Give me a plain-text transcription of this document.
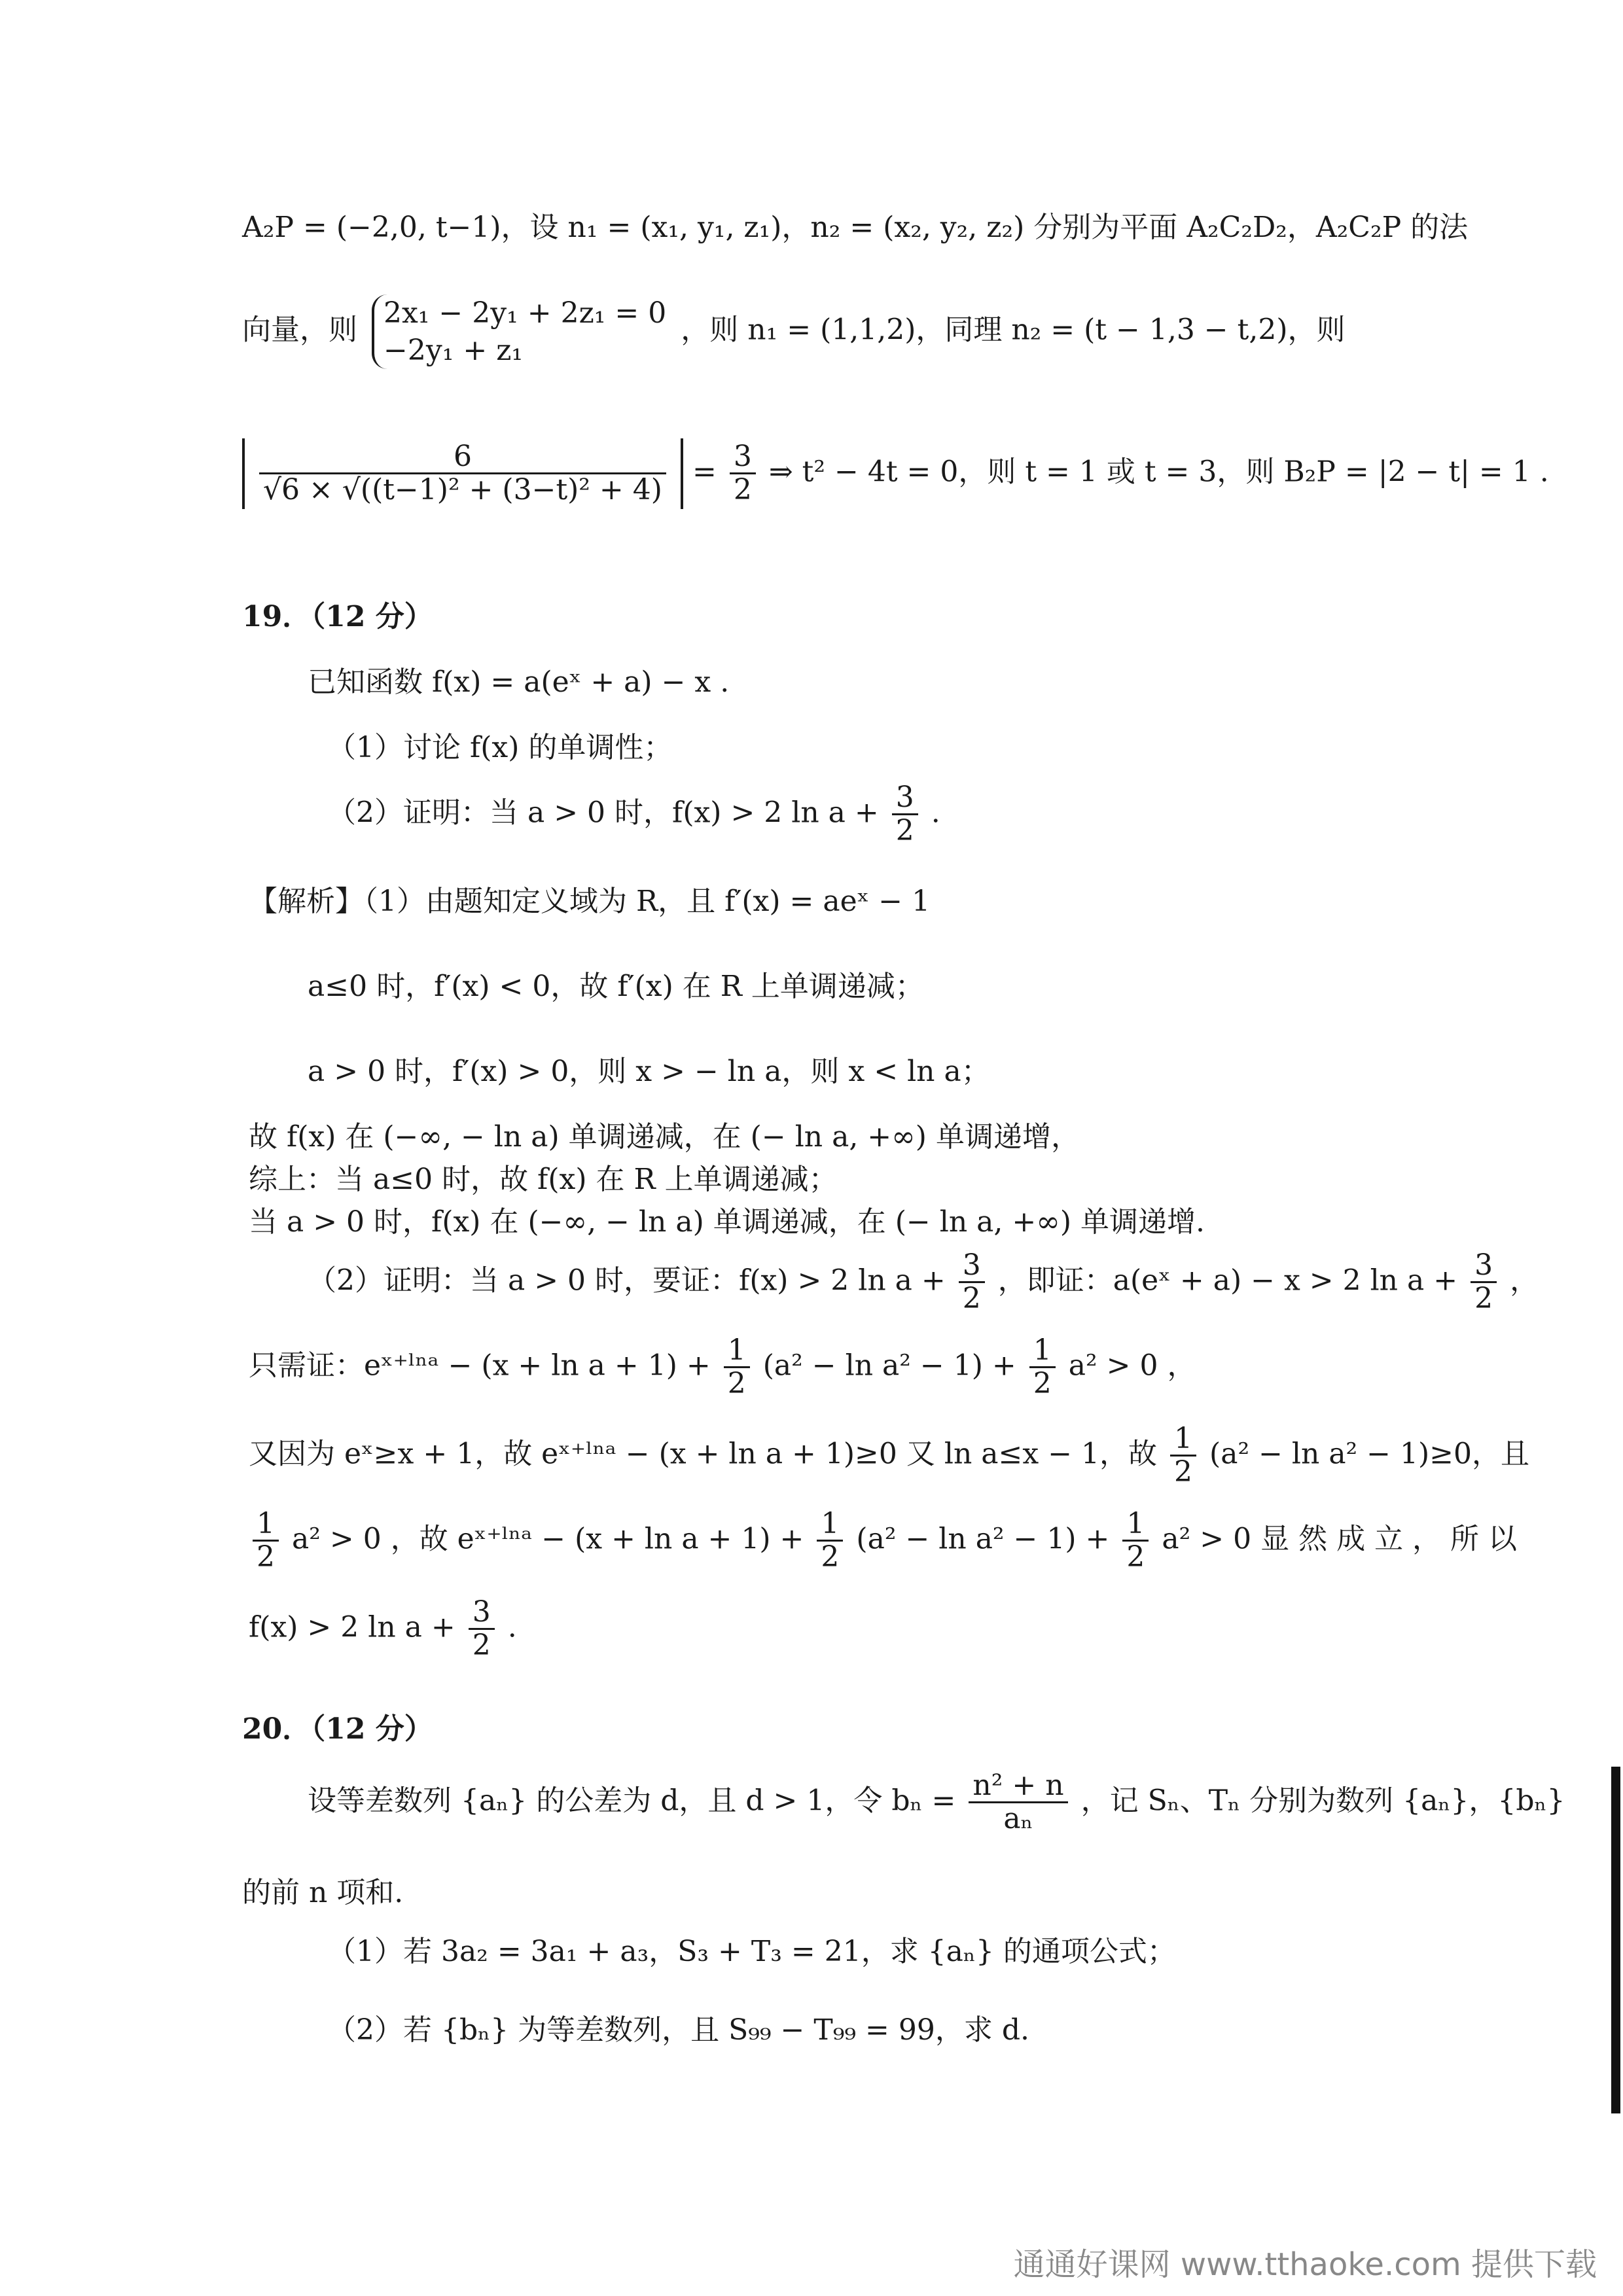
A₂P = (−2,0, t−1)，设 n₁ = (x₁, y₁, z₁)，n₂ = (x₂, y₂, z₂) 分别为平面 A₂C₂D₂，A₂C₂P 的法
向量，则
2x₁ − 2y₁ + 2z₁ = 0
−2y₁ + z₁
，则 n₁ = (1,1,2)，同理 n₂ = (t − 1,3 − t,2)，则
$\frac{6}{\text{√6 × √((t−1)² + (3−t)² + 4)}} = \frac{3}{2}$ ⇒ t² − 4t = 0，则 t = 1 或 t = 3，则 B₂P = |2 − t| = 1 .
19．（12 分）
已知函数 f(x) = a(eˣ + a) − x .
（1）讨论 f(x) 的单调性；
（2）证明：当 a > 0 时，f(x) > 2 $\ln a + \frac{3}{2}$ .
【解析】（1）由题知定义域为 R，且 f′(x) = aeˣ − 1
a≤0 时，f′(x) < 0，故 f′(x) 在 R 上单调递减；
a > 0 时，f′(x) > 0，则 x > − ln a，则 x < ln a；
故 f(x) 在 (−∞, − ln a) 单调递减，在 (− ln a, +∞) 单调递增，
综上：当 a≤0 时，故 f(x) 在 R 上单调递减；
当 a > 0 时，f(x) 在 (−∞, − ln a) 单调递减，在 (− ln a, +∞) 单调递增.
（2）证明：当 a > 0 时，要证：f(x) > 2 $\ln a + \frac{3}{2}$ ，即证：a(eˣ + a) − x > 2 $\ln a + \frac{3}{2}$ ，
只需证：eˣ⁺ˡⁿᵃ − $(x + \ln a + 1) + \frac{1}{2} (a^2 - \ln a^2 - 1) + \frac{1}{2} a^2 > 0$ ，
又因为 eˣ≥x + 1，故 eˣ⁺ˡⁿᵃ − (x + ln a + 1)≥0 又 ln a≤x − 1，故 $\frac{1}{2} (a^2 - \ln a^2 - 1)\ge 0$，且
$\frac{1}{2} a^2 > 0$ ，故 eˣ⁺ˡⁿᵃ − $(x + \ln a + 1) + \frac{1}{2} (a^2 - \ln a^2 - 1) + \frac{1}{2} a^2 > 0$ 显 然 成 立 ， 所 以
f(x) > 2 $\ln a + \frac{3}{2}$ .
20．（12 分）
设等差数列 {aₙ} 的公差为 d，且 d > 1，令 $b_n = \frac{\text{n² + n}}{\text{aₙ}}$ ，记 Sₙ、Tₙ 分别为数列 {aₙ}，{bₙ}
的前 n 项和.
（1）若 3a₂ = 3a₁ + a₃，S₃ + T₃ = 21，求 {aₙ} 的通项公式；
（2）若 {bₙ} 为等差数列，且 S₉₉ − T₉₉ = 99，求 d.
通通好课网 www.tthaoke.com 提供下载
